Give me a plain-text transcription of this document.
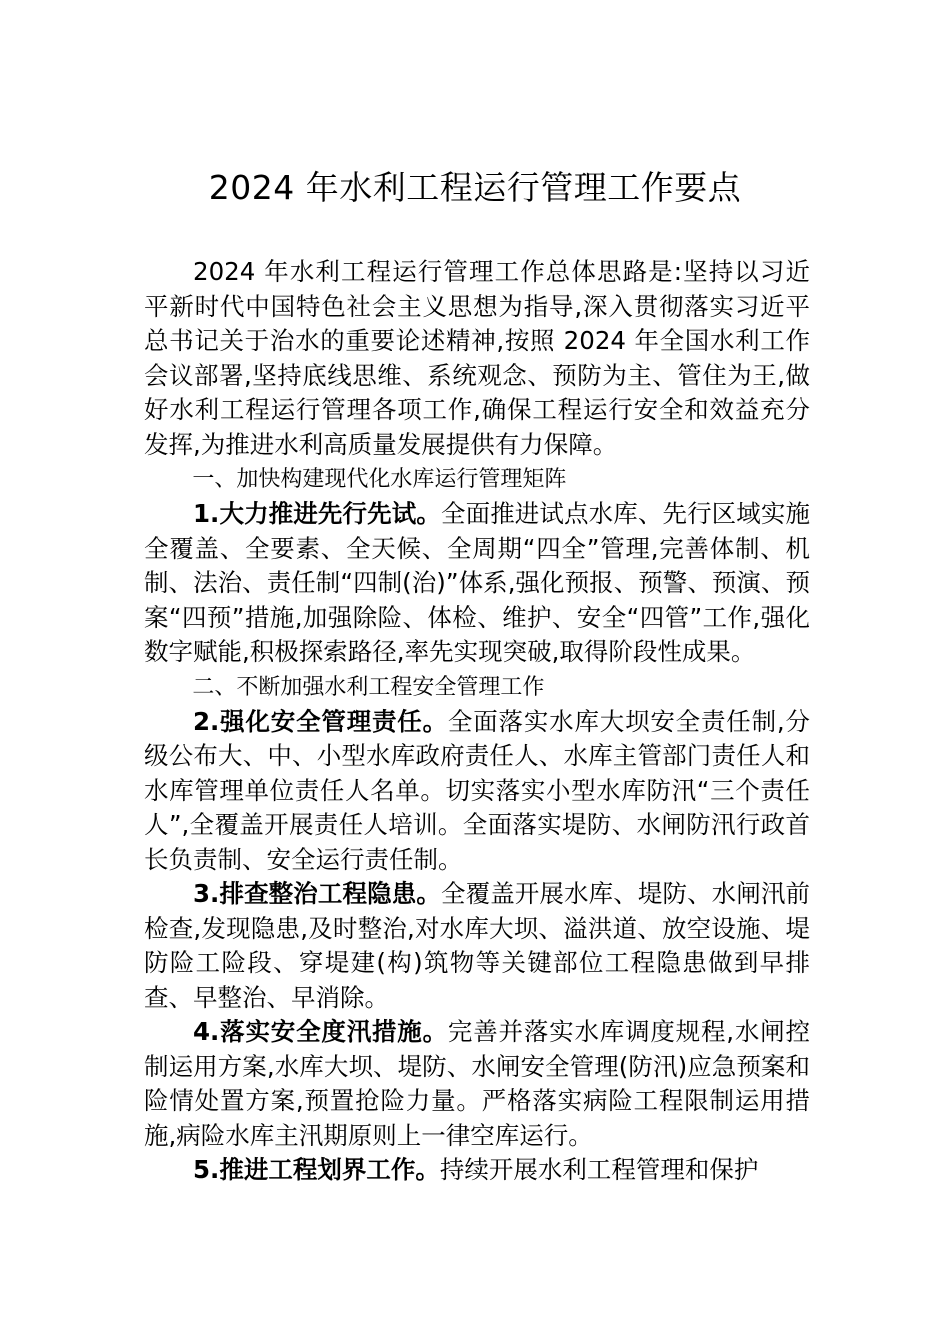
2024 年水利工程运行管理工作要点

2024 年水利工程运行管理工作总体思路是:坚持以习近平新时代中国特色社会主义思想为指导,深入贯彻落实习近平总书记关于治水的重要论述精神,按照 2024 年全国水利工作会议部署,坚持底线思维、系统观念、预防为主、管住为王,做好水利工程运行管理各项工作,确保工程运行安全和效益充分发挥,为推进水利高质量发展提供有力保障。

一、加快构建现代化水库运行管理矩阵

1.大力推进先行先试。全面推进试点水库、先行区域实施全覆盖、全要素、全天候、全周期“四全”管理,完善体制、机制、法治、责任制“四制(治)”体系,强化预报、预警、预演、预案“四预”措施,加强除险、体检、维护、安全“四管”工作,强化数字赋能,积极探索路径,率先实现突破,取得阶段性成果。

二、不断加强水利工程安全管理工作

2.强化安全管理责任。全面落实水库大坝安全责任制,分级公布大、中、小型水库政府责任人、水库主管部门责任人和水库管理单位责任人名单。切实落实小型水库防汛“三个责任人”,全覆盖开展责任人培训。全面落实堤防、水闸防汛行政首长负责制、安全运行责任制。

3.排查整治工程隐患。全覆盖开展水库、堤防、水闸汛前检查,发现隐患,及时整治,对水库大坝、溢洪道、放空设施、堤防险工险段、穿堤建(构)筑物等关键部位工程隐患做到早排查、早整治、早消除。

4.落实安全度汛措施。完善并落实水库调度规程,水闸控制运用方案,水库大坝、堤防、水闸安全管理(防汛)应急预案和险情处置方案,预置抢险力量。严格落实病险工程限制运用措施,病险水库主汛期原则上一律空库运行。

5.推进工程划界工作。持续开展水利工程管理和保护
